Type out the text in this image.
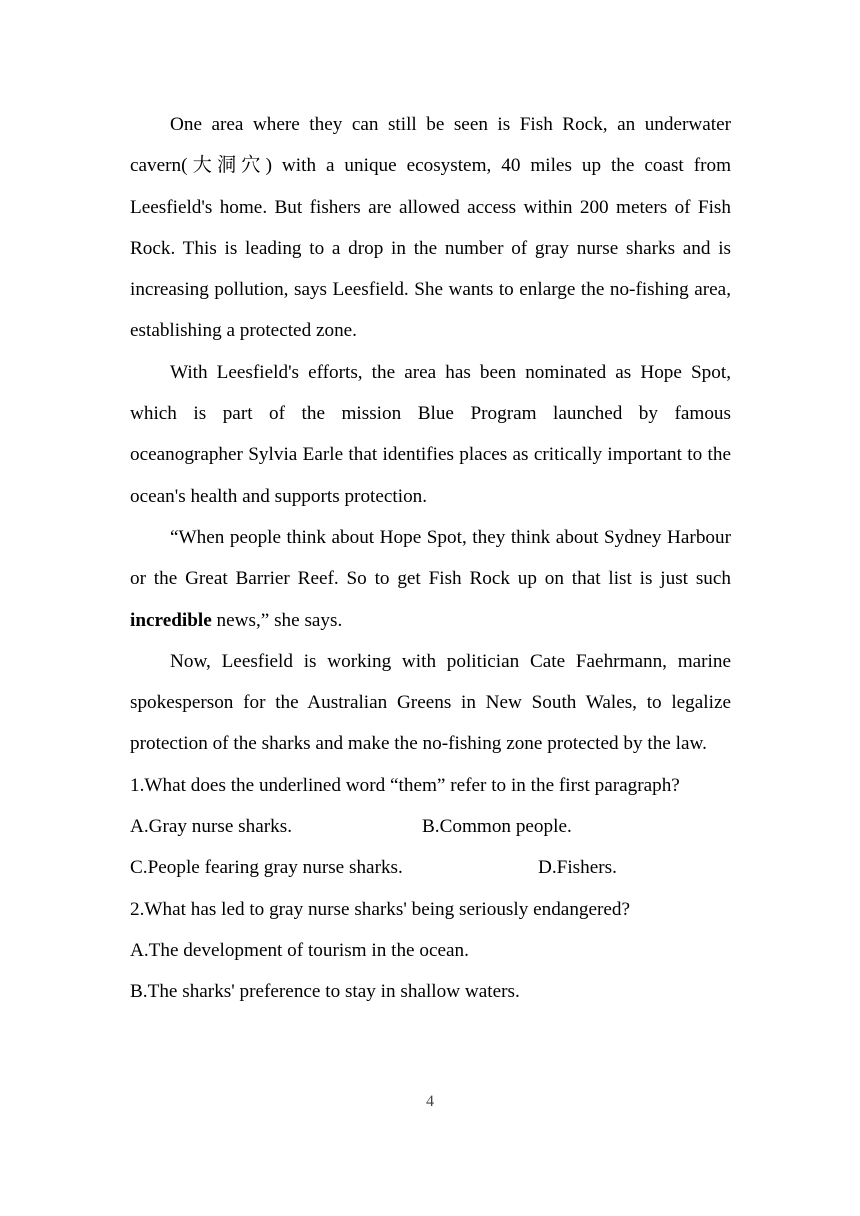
One area where they can still be seen is Fish Rock, an underwater cavern(大洞穴) with a unique ecosystem, 40 miles up the coast from Leesfield's home. But fishers are allowed access within 200 meters of Fish Rock. This is leading to a drop in the number of gray nurse sharks and is increasing pollution, says Leesfield. She wants to enlarge the no-fishing area, establishing a protected zone.

With Leesfield's efforts, the area has been nominated as Hope Spot, which is part of the mission Blue Program launched by famous oceanographer Sylvia Earle that identifies places as critically important to the ocean's health and supports protection.

“When people think about Hope Spot, they think about Sydney Harbour or the Great Barrier Reef. So to get Fish Rock up on that list is just such incredible news,” she says.

Now, Leesfield is working with politician Cate Faehrmann, marine spokesperson for the Australian Greens in New South Wales, to legalize protection of the sharks and make the no-fishing zone protected by the law.

1.What does the underlined word “them” refer to in the first paragraph?

A.Gray nurse sharks.	B.Common people.
C.People fearing gray nurse sharks.	D.Fishers.

2.What has led to gray nurse sharks' being seriously endangered?

A.The development of tourism in the ocean.

B.The sharks' preference to stay in shallow waters.

4
